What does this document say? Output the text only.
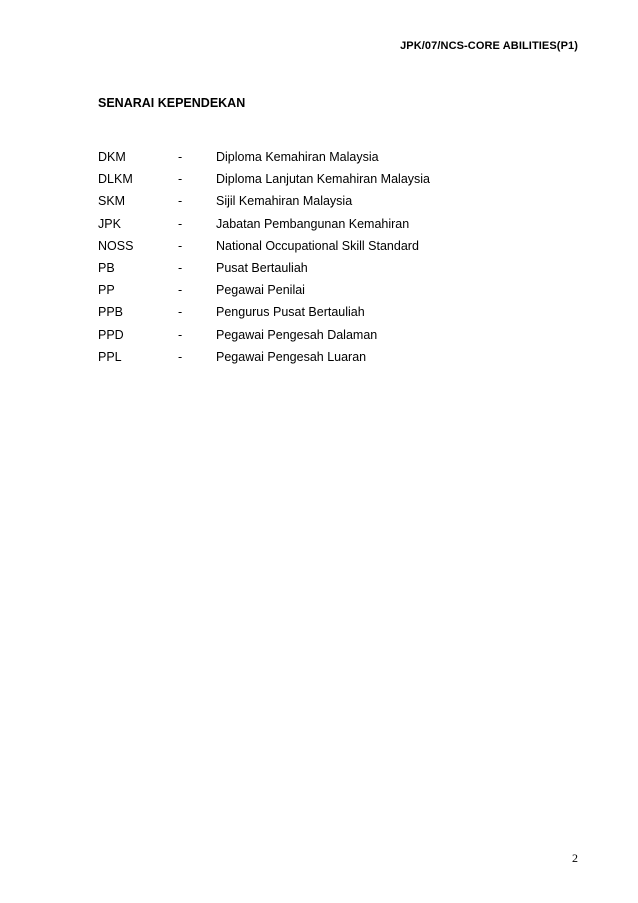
JPK/07/NCS-CORE ABILITIES(P1)
SENARAI KEPENDEKAN
DKM	-	Diploma Kemahiran Malaysia
DLKM	-	Diploma Lanjutan Kemahiran Malaysia
SKM	-	Sijil Kemahiran Malaysia
JPK	-	Jabatan Pembangunan Kemahiran
NOSS	-	National Occupational Skill Standard
PB	-	Pusat Bertauliah
PP	-	Pegawai Penilai
PPB	-	Pengurus Pusat Bertauliah
PPD	-	Pegawai Pengesah Dalaman
PPL	-	Pegawai Pengesah Luaran
2
